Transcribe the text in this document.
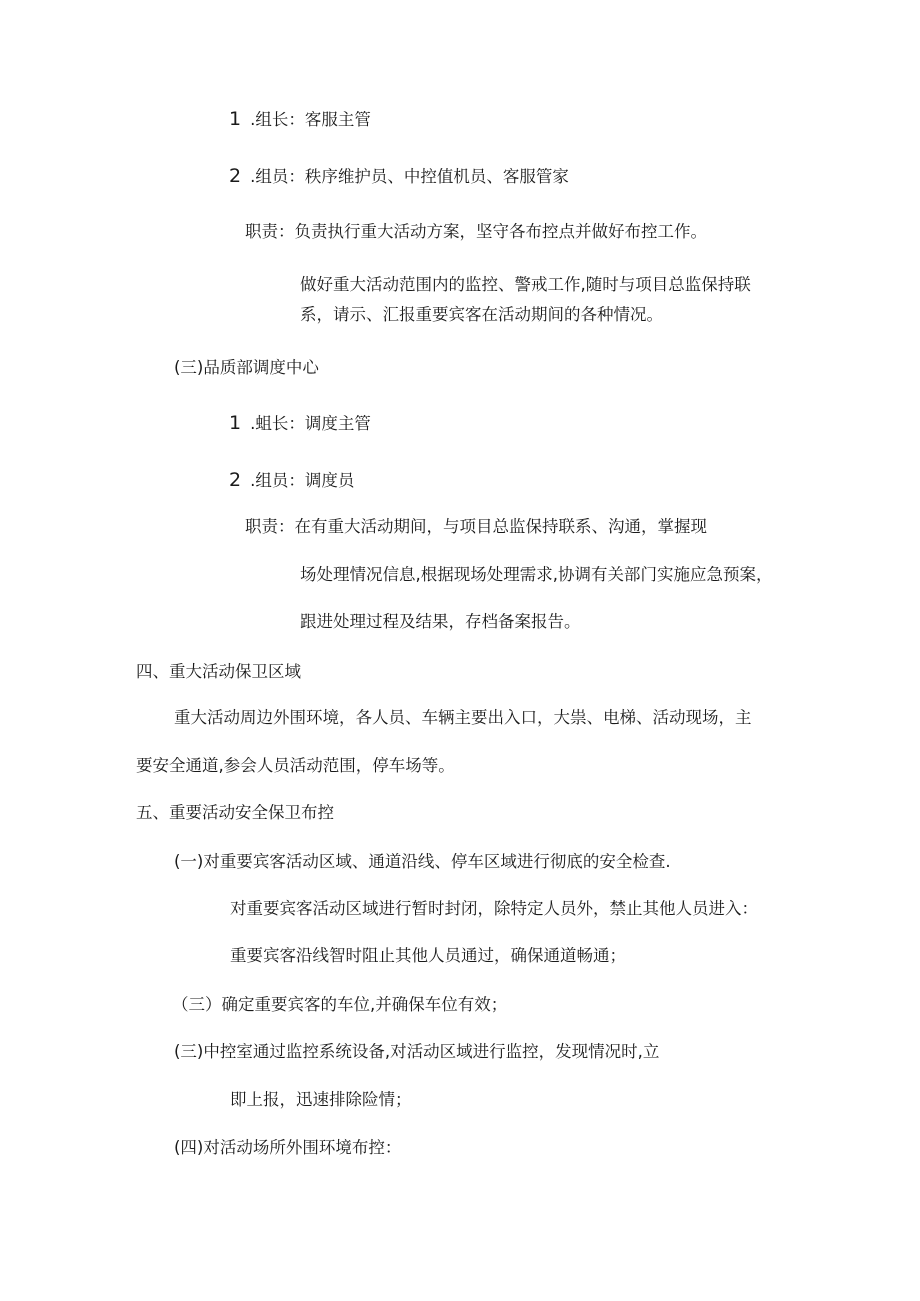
1 .组长：客服主管
2 .组员：秩序维护员、中控值机员、客服管家
职责：负责执行重大活动方案，坚守各布控点并做好布控工作。
做好重大活动范围内的监控、警戒工作,随时与项目总监保持联
系，请示、汇报重要宾客在活动期间的各种情况。
(三)品质部调度中心
1 .蛆长：调度主管
2 .组员：调度员
职责：在有重大活动期间，与项目总监保持联系、沟通，掌握现
场处理情况信息,根据现场处理需求,协调有关部门实施应急预案，
跟进处理过程及结果，存档备案报告。
四、重大活动保卫区域
重大活动周边外围环境，各人员、车辆主要出入口，大祟、电梯、活动现场，主
要安全通道,参会人员活动范围，停车场等。
五、重要活动安全保卫布控
(一)对重要宾客活动区域、通道沿线、停车区域进行彻底的安全检查.
对重要宾客活动区域进行暂时封闭，除特定人员外，禁止其他人员进入：
重要宾客沿线智时阻止其他人员通过，确保通道畅通；
（三）确定重要宾客的车位,并确保车位有效；
(三)中控室通过监控系统设备,对活动区域进行监控，发现情况时,立
即上报，迅速排除险情；
(四)对活动场所外围环境布控：
